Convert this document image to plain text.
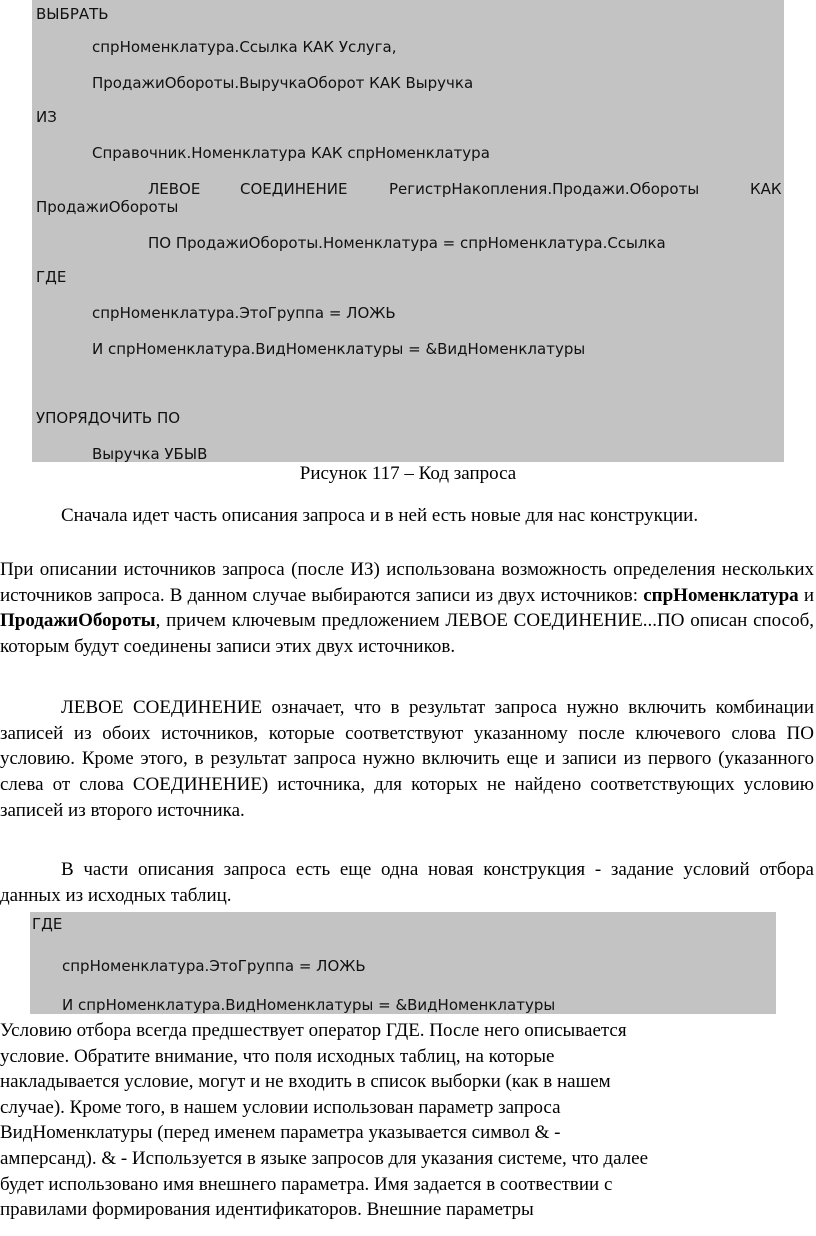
ВЫБРАТЬ
спрНоменклатура.Ссылка КАК Услуга,
ПродажиОбороты.ВыручкаОборот КАК Выручка
ИЗ
Справочник.Номенклатура КАК спрНоменклатура
ЛЕВОЕ	СОЕДИНЕНИЕ	РегистрНакопления.Продажи.Обороты	КАК
ПродажиОбороты
ПО ПродажиОбороты.Номенклатура = спрНоменклатура.Ссылка
ГДЕ
спрНоменклатура.ЭтоГруппа = ЛОЖЬ
И спрНоменклатура.ВидНоменклатуры = &ВидНоменклатуры
УПОРЯДОЧИТЬ ПО
Выручка УБЫВ
Рисунок 117 – Код запроса
Сначала идет часть описания запроса и в ней есть новые для нас конструкции.
При описании источников запроса (после ИЗ) использована возможность определения нескольких источников запроса. В данном случае выбираются записи из двух источников: спрНоменклатура и ПродажиОбороты, причем ключевым предложением ЛЕВОЕ СОЕДИНЕНИЕ...ПО описан способ, которым будут соединены записи этих двух источников.
ЛЕВОЕ СОЕДИНЕНИЕ означает, что в результат запроса нужно включить комбинации записей из обоих источников, которые соответствуют указанному после ключевого слова ПО условию. Кроме этого, в результат запроса нужно включить еще и записи из первого (указанного слева от слова СОЕДИНЕНИЕ) источника, для которых не найдено соответствующих условию записей из второго источника.
В части описания запроса есть еще одна новая конструкция - задание условий отбора данных из исходных таблиц.
ГДЕ
спрНоменклатура.ЭтоГруппа = ЛОЖЬ
И спрНоменклатура.ВидНоменклатуры = &ВидНоменклатуры
Условию отбора всегда предшествует оператор ГДЕ. После него описывается
условие. Обратите внимание, что поля исходных таблиц, на которые
накладывается условие, могут и не входить в список выборки (как в нашем
случае). Кроме того, в нашем условии использован параметр запроса
ВидНоменклатуры (перед именем параметра указывается символ & -
амперсанд). & - Используется в языке запросов для указания системе, что далее
будет использовано имя внешнего параметра. Имя задается в соотвествии с
правилами формирования идентификаторов. Внешние параметры
